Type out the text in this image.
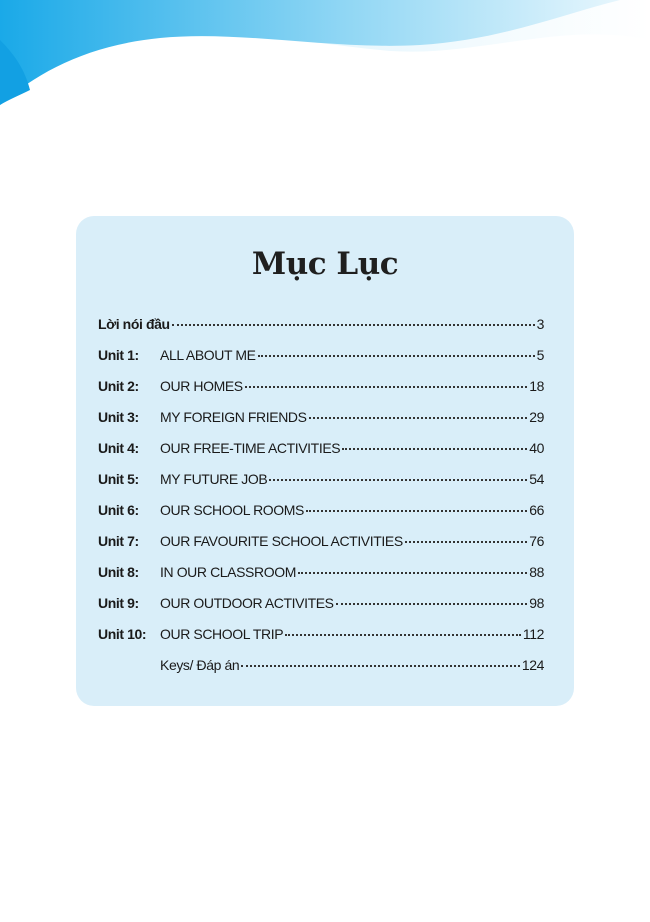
Mục Lục
Lời nói đầu	3
Unit 1:	ALL ABOUT ME	5
Unit 2:	OUR HOMES	18
Unit 3:	MY FOREIGN FRIENDS	29
Unit 4:	OUR FREE-TIME ACTIVITIES	40
Unit 5:	MY FUTURE JOB	54
Unit 6:	OUR SCHOOL ROOMS	66
Unit 7:	OUR FAVOURITE SCHOOL ACTIVITIES	76
Unit 8:	IN OUR CLASSROOM	88
Unit 9:	OUR OUTDOOR ACTIVITES	98
Unit 10: OUR SCHOOL TRIP	112
Keys/ Đáp án	124
